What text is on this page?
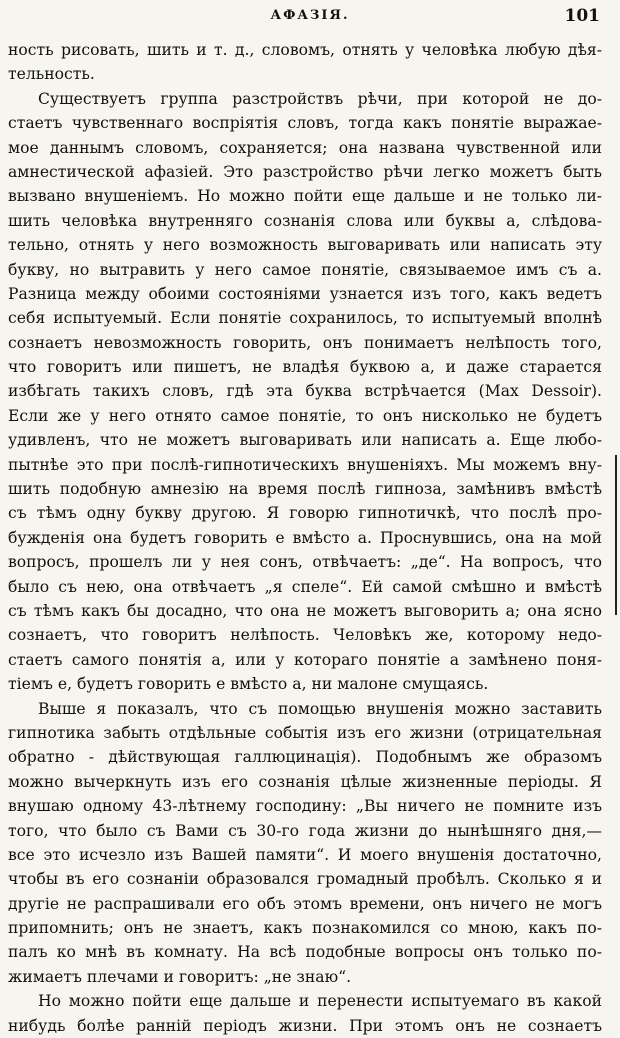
АФАЗІЯ.	101
ность рисовать, шить и т. д., словомъ, отнять у человѣка любую дѣя-
тельность.
Существуетъ группа разстройствъ рѣчи, при которой не до-
стаетъ чувственнаго воспріятія словъ, тогда какъ понятіе выражае-
мое даннымъ словомъ, сохраняется; она названа чувственной или
амнестической афазіей. Это разстройство рѣчи легко можетъ быть
вызвано внушеніемъ. Но можно пойти еще дальше и не только ли-
шить человѣка внутренняго сознанія слова или буквы а, слѣдова-
тельно, отнять у него возможность выговаривать или написать эту
букву, но вытравить у него самое понятіе, связываемое имъ съ а.
Разница между обоими состояніями узнается изъ того, какъ ведетъ
себя испытуемый. Если понятіе сохранилось, то испытуемый вполнѣ
сознаетъ невозможность говорить, онъ понимаетъ нелѣпость того,
что говоритъ или пишетъ, не владѣя буквою а, и даже старается
избѣгать такихъ словъ, гдѣ эта буква встрѣчается (Max Dessoir).
Если же у него отнято самое понятіе, то онъ нисколько не будетъ
удивленъ, что не можетъ выговаривать или написать а. Еще любо-
пытнѣе это при послѣ-гипнотическихъ внушеніяхъ. Мы можемъ вну-
шить подобную амнезію на время послѣ гипноза, замѣнивъ вмѣстѣ
съ тѣмъ одну букву другою. Я говорю гипнотичкѣ, что послѣ про-
бужденія она будетъ говорить е вмѣсто а. Проснувшись, она на мой
вопросъ, прошелъ ли у нея сонъ, отвѣчаетъ: „де“. На вопросъ, что
было съ нею, она отвѣчаетъ „я спеле“. Ей самой смѣшно и вмѣстѣ
съ тѣмъ какъ бы досадно, что она не можетъ выговорить а; она ясно
сознаетъ, что говоритъ нелѣпость. Человѣкъ же, которому недо-
стаетъ самого понятія а, или у котораго понятіе а замѣнено поня-
тіемъ е, будетъ говорить е вмѣсто а, ни малоне смущаясь.
Выше я показалъ, что съ помощью внушенія можно заставить
гипнотика забыть отдѣльные событія изъ его жизни (отрицательная
обратно - дѣйствующая галлюцинація). Подобнымъ же образомъ
можно вычеркнуть изъ его сознанія цѣлые жизненные періоды. Я
внушаю одному 43-лѣтнему господину: „Вы ничего не помните изъ
того, что было съ Вами съ 30-го года жизни до нынѣшняго дня,—
все это исчезло изъ Вашей памяти“. И моего внушенія достаточно,
чтобы въ его сознаніи образовался громадный пробѣлъ. Сколько я и
другіе не распрашивали его объ этомъ времени, онъ ничего не могъ
припомнить; онъ не знаетъ, какъ познакомился со мною, какъ по-
палъ ко мнѣ въ комнату. На всѣ подобные вопросы онъ только по-
жимаетъ плечами и говоритъ: „не знаю“.
Но можно пойти еще дальше и перенести испытуемаго въ какой
нибудь болѣе ранній періодъ жизни. При этомъ онъ не сознаетъ
